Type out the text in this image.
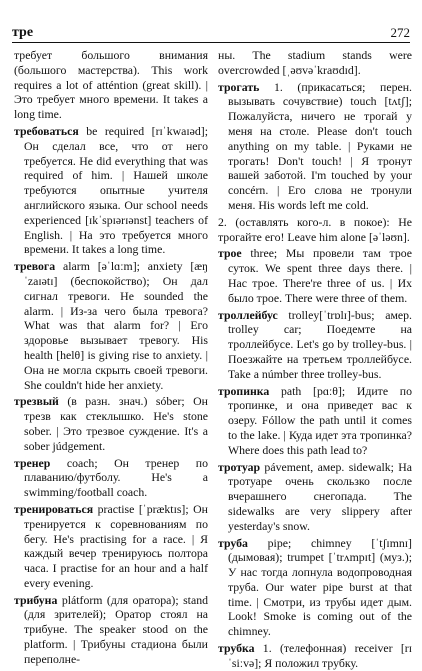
тре	272

требует большого внимания (большого мастерства). This work requires a lot of atténtion (great skill). | Это требует много времени. It takes a long time.

требоваться be required [rɪˈkwaɪəd]; Он сделал все, что от него требуется. He did everything that was required of him. | Нашей школе требуются опытные учителя английского языка. Our school needs experienced [ɪkˈspɪərɪənst] teachers of English. | На это требуется много времени. It takes a long time.

тревога alarm [əˈlɑːm]; anxiety [æŋˈzaɪətɪ] (беспокойство); Он дал сигнал тревоги. He sounded the alarm. | Из-за чего была тревога? What was that alarm for? | Его здоровье вызывает тревогу. His health [helθ] is giving rise to anxiety. | Она не могла скрыть своей тревоги. She couldn't hide her anxiety.

трезвый (в разн. знач.) sóber; Он трезв как стеклышко. He's stone sober. | Это трезвое суждение. It's a sober júdgement.

тренер coach; Он тренер по плаванию/футболу. He's a swimming/football coach.

тренироваться practise [ˈpræktɪs]; Он тренируется к соревнованиям по бегу. He's practising for a race. | Я каждый вечер тренируюсь полтора часа. I practise for an hour and a half every evening.

трибуна plátform (для оратора); stand (для зрителей); Оратор стоял на трибуне. The speaker stood on the platform. | Трибуны стадиона были переполне-

ны. The stadium stands were overcrowded [ˌəʊvəˈkraʊdɪd].

трогать 1. (прикасаться; перен. вызывать сочувствие) touch [tʌtʃ]; Пожалуйста, ничего не трогай у меня на столе. Please don't touch anything on my table. | Руками не трогать! Don't touch! | Я тронут вашей заботой. I'm touched by your concérn. | Его слова не тронули меня. His words left me cold.

2. (оставлять кого-л. в покое): Не трогайте его! Leave him alone [əˈləʊn].

трое three; Мы провели там трое суток. We spent three days there. | Нас трое. There're three of us. | Их было трое. There were three of them.

троллейбус trolley[ˈtrɒlɪ]-bus; амер. trolley car; Поедемте на троллейбусе. Let's go by trolley-bus. | Поезжайте на третьем троллейбусе. Take a númber three trolley-bus.

тропинка path [pɑːθ]; Идите по тропинке, и она приведет вас к озеру. Fóllow the path until it comes to the lake. | Куда идет эта тропинка? Where does this path lead to?

тротуар pávement, амер. sidewalk; На тротуаре очень скользко после вчерашнего снегопада. The sidewalks are very slippery after yesterday's snow.

труба pipe; chimney [ˈtʃɪmnɪ] (дымовая); trumpet [ˈtrʌmpɪt] (муз.); У нас тогда лопнула водопроводная труба. Our water pipe burst at that time. | Смотри, из трубы идет дым. Look! Smoke is coming out of the chimney.

трубка 1. (телефонная) receiver [rɪˈsiːvə]; Я положил трубку.
